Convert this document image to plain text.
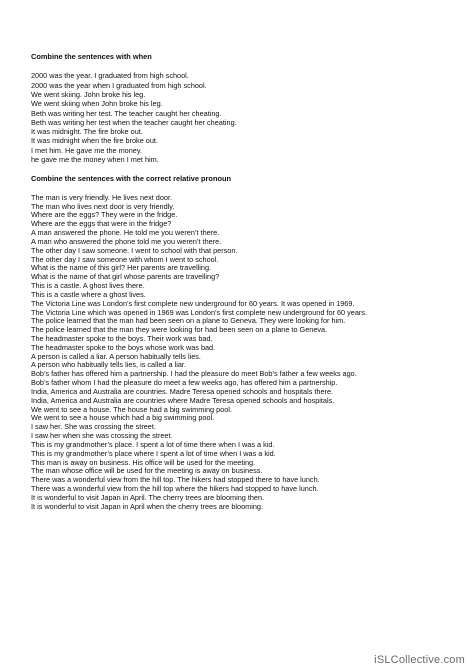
Combine the sentences with when
2000 was the year. I graduated from high school.
2000 was the year when I graduated from high school.
We went skiing. John broke his leg.
We went skiing when John broke his leg.
Beth was writing her test. The teacher caught her cheating.
Beth was writing her test when the teacher caught her cheating.
It was midnight. The fire broke out.
It was midnight when the fire broke out.
I met him. He gave me the money.
he gave me the money when I met him.
Combine the sentences with the correct relative pronoun
The man is very friendly. He lives next door.
The man who lives next door is very friendly.
Where are the eggs? They were in the fridge.
Where are the eggs that were in the fridge?
A man answered the phone. He told me you weren’t there.
A man who answered the phone told me you weren’t there.
The other day I saw someone. I went to school with that person.
The other day I saw someone with whom I went to school.
What is the name of this girl? Her parents are travelling.
What is the name of that girl whose parents are travelling?
This is a castle. A ghost lives there.
This is a castle where a ghost lives.
The Victoria Line was London’s first complete new underground for 60 years. It was opened in 1969.
The Victoria Line which was opened in 1969 was London’s first complete new underground for 60 years.
The police learned that the man had been seen on a plane to Geneva. They were looking for him.
The police learned that the man they were looking for had been seen on a plane to Geneva.
The headmaster spoke to the boys. Their work was bad.
The headmaster spoke to the boys whose work was bad.
A person is called a liar. A person habitually tells lies.
A person who habitually tells lies, is called a liar.
Bob’s father has offered him a partnership. I had the pleasure do meet Bob’s father a few weeks ago.
Bob’s father whom I had the pleasure do meet a few weeks ago, has offered him a partnership.
India, America and Australia are countries. Madre Teresa opened schools and hospitals there.
India, America and Australia are countries where Madre Teresa opened schools and hospitals.
We went to see a house. The house had a big swimming pool.
We went to see a house which had a big swimming pool.
I saw her. She was crossing the street.
I saw her when she was crossing the street.
This is my grandmother’s place. I spent a lot of time there when I was a kid.
This is my grandmother’s place where I spent a lot of time when I was a kid.
This man is away on business. His office will be used for the meeting.
The man whose office will be used for the meeting is away on business.
There was a wonderful view from the hill top. The hikers had stopped there to have lunch.
There was a wonderful view from the hill top where the hikers had stopped to have lunch.
It is wonderful to visit Japan in April. The cherry trees are blooming then.
It is wonderful to visit Japan in April when the cherry trees are blooming.
iSLCollective.com
